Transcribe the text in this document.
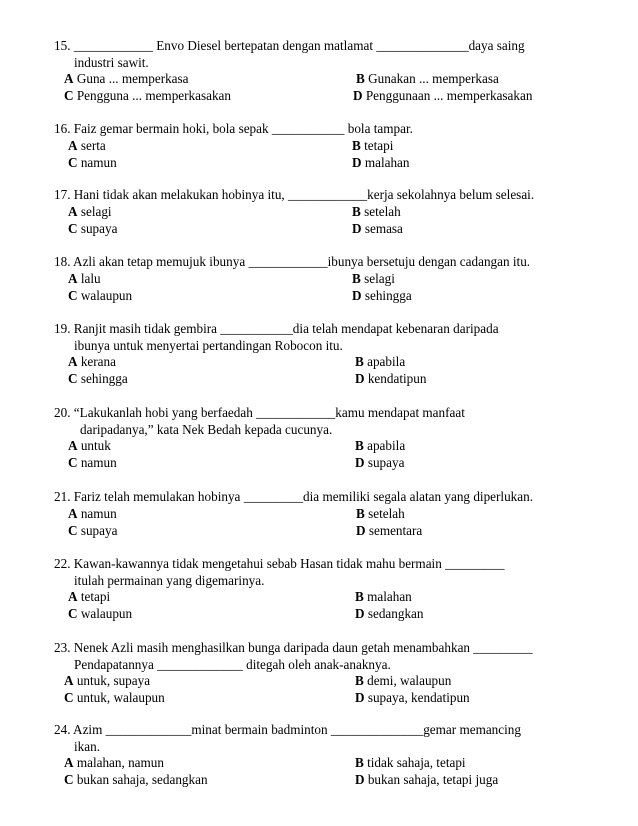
15. ____________ Envo Diesel bertepatan dengan matlamat ______________daya saing
industri sawit.
A Guna ... memperkasa	B Gunakan ... memperkasa
C Pengguna ... memperkasakan	D Penggunaan ... memperkasakan
16. Faiz gemar bermain hoki, bola sepak ___________ bola tampar.
A serta	B tetapi
C namun	D malahan
17. Hani tidak akan melakukan hobinya itu, ____________kerja sekolahnya belum selesai.
A selagi	B setelah
C supaya	D semasa
18. Azli akan tetap memujuk ibunya ____________ibunya bersetuju dengan cadangan itu.
A lalu	B selagi
C walaupun	D sehingga
19. Ranjit masih tidak gembira ___________dia telah mendapat kebenaran daripada
ibunya untuk menyertai pertandingan Robocon itu.
A kerana	B apabila
C sehingga	D kendatipun
20. “Lakukanlah hobi yang berfaedah ____________kamu mendapat manfaat
daripadanya,” kata Nek Bedah kepada cucunya.
A untuk	B apabila
C namun	D supaya
21. Fariz telah memulakan hobinya _________dia memiliki segala alatan yang diperlukan.
A namun	B setelah
C supaya	D sementara
22. Kawan-kawannya tidak mengetahui sebab Hasan tidak mahu bermain _________
itulah permainan yang digemarinya.
A tetapi	B malahan
C walaupun	D sedangkan
23. Nenek Azli masih menghasilkan bunga daripada daun getah menambahkan _________
Pendapatannya _____________ ditegah oleh anak-anaknya.
A untuk, supaya	B demi, walaupun
C untuk, walaupun	D supaya, kendatipun
24. Azim _____________minat bermain badminton ______________gemar memancing
ikan.
A malahan, namun	B tidak sahaja, tetapi
C bukan sahaja, sedangkan	D bukan sahaja, tetapi juga
